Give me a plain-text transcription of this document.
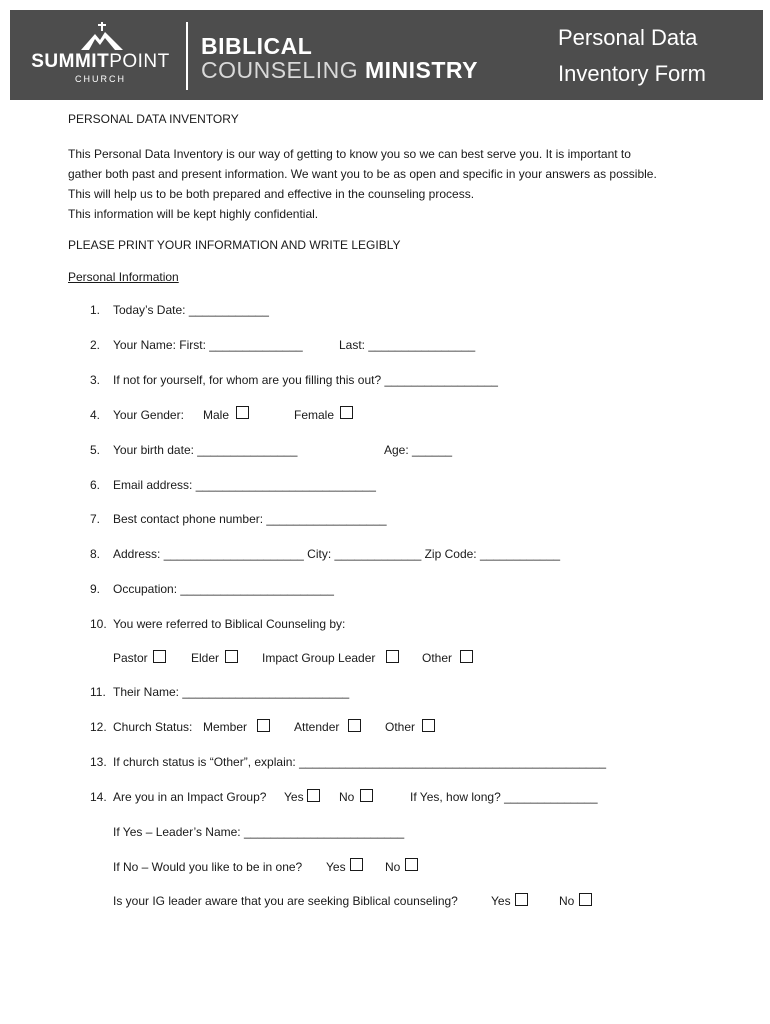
SUMMITPOINT
CHURCH
BIBLICAL
COUNSELING MINISTRY
Personal Data
Inventory Form
PERSONAL DATA INVENTORY
This Personal Data Inventory is our way of getting to know you so we can best serve you. It is important to
gather both past and present information. We want you to be as open and specific in your answers as possible.
This will help us to be both prepared and effective in the counseling process.
This information will be kept highly confidential.
PLEASE PRINT YOUR INFORMATION AND WRITE LEGIBLY
Personal Information
1. Today’s Date: ____________
2. Your Name: First: ______________	Last: ________________
3. If not for yourself, for whom are you filling this out? _________________
4. Your Gender: Male	Female
5. Your birth date: _______________	Age: ______
6. Email address: ___________________________
7. Best contact phone number: __________________
8. Address: _____________________ City: _____________ Zip Code: ____________
9. Occupation: _______________________
10. You were referred to Biblical Counseling by:
Pastor	Elder	Impact Group Leader	Other
11. Their Name: _________________________
12. Church Status: Member	Attender	Other
13. If church status is “Other”, explain: ______________________________________________
14. Are you in an Impact Group? Yes	No	If Yes, how long? ______________
If Yes – Leader’s Name: ________________________
If No – Would you like to be in one? Yes	No
Is your IG leader aware that you are seeking Biblical counseling?	Yes	No
